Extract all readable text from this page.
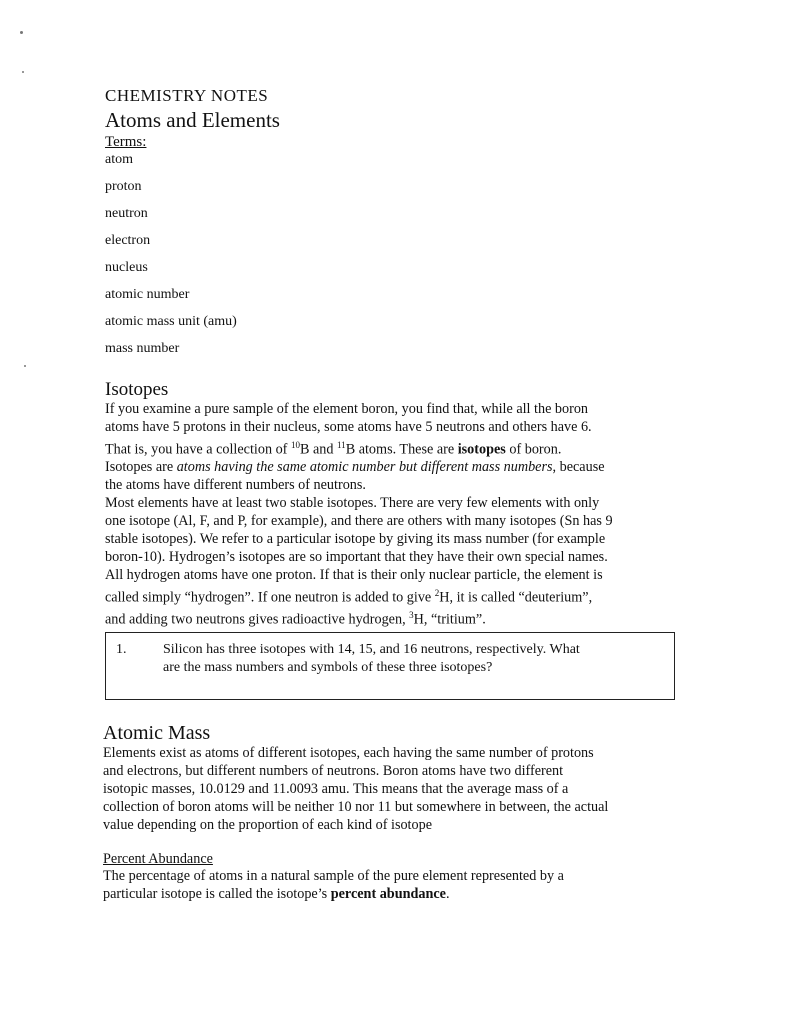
CHEMISTRY NOTES
Atoms and Elements
Terms:
atom
proton
neutron
electron
nucleus
atomic number
atomic mass unit (amu)
mass number
Isotopes

If you examine a pure sample of the element boron, you find that, while all the boron

atoms have 5 protons in their nucleus, some atoms have 5 neutrons and others have 6.

That is, you have a collection of $^{10}$B and $^{11}$B atoms. These are isotopes of boron.

Isotopes are atoms having the same atomic number but different mass numbers, because

the atoms have different numbers of neutrons.

Most elements have at least two stable isotopes. There are very few elements with only

one isotope (Al, F, and P, for example), and there are others with many isotopes (Sn has 9

stable isotopes). We refer to a particular isotope by giving its mass number (for example

boron-10). Hydrogen’s isotopes are so important that they have their own special names.

All hydrogen atoms have one proton. If that is their only nuclear particle, the element is

called simply “hydrogen”. If one neutron is added to give $^2$H, it is called “deuterium”,

and adding two neutrons gives radioactive hydrogen, $^3$H, “tritium”.

1.	Silicon has three isotopes with 14, 15, and 16 neutrons, respectively. What
are the mass numbers and symbols of these three isotopes?
Atomic Mass

Elements exist as atoms of different isotopes, each having the same number of protons

and electrons, but different numbers of neutrons. Boron atoms have two different

isotopic masses, 10.0129 and 11.0093 amu. This means that the average mass of a

collection of boron atoms will be neither 10 nor 11 but somewhere in between, the actual

value depending on the proportion of each kind of isotope

Percent Abundance

The percentage of atoms in a natural sample of the pure element represented by a

particular isotope is called the isotope’s percent abundance.
